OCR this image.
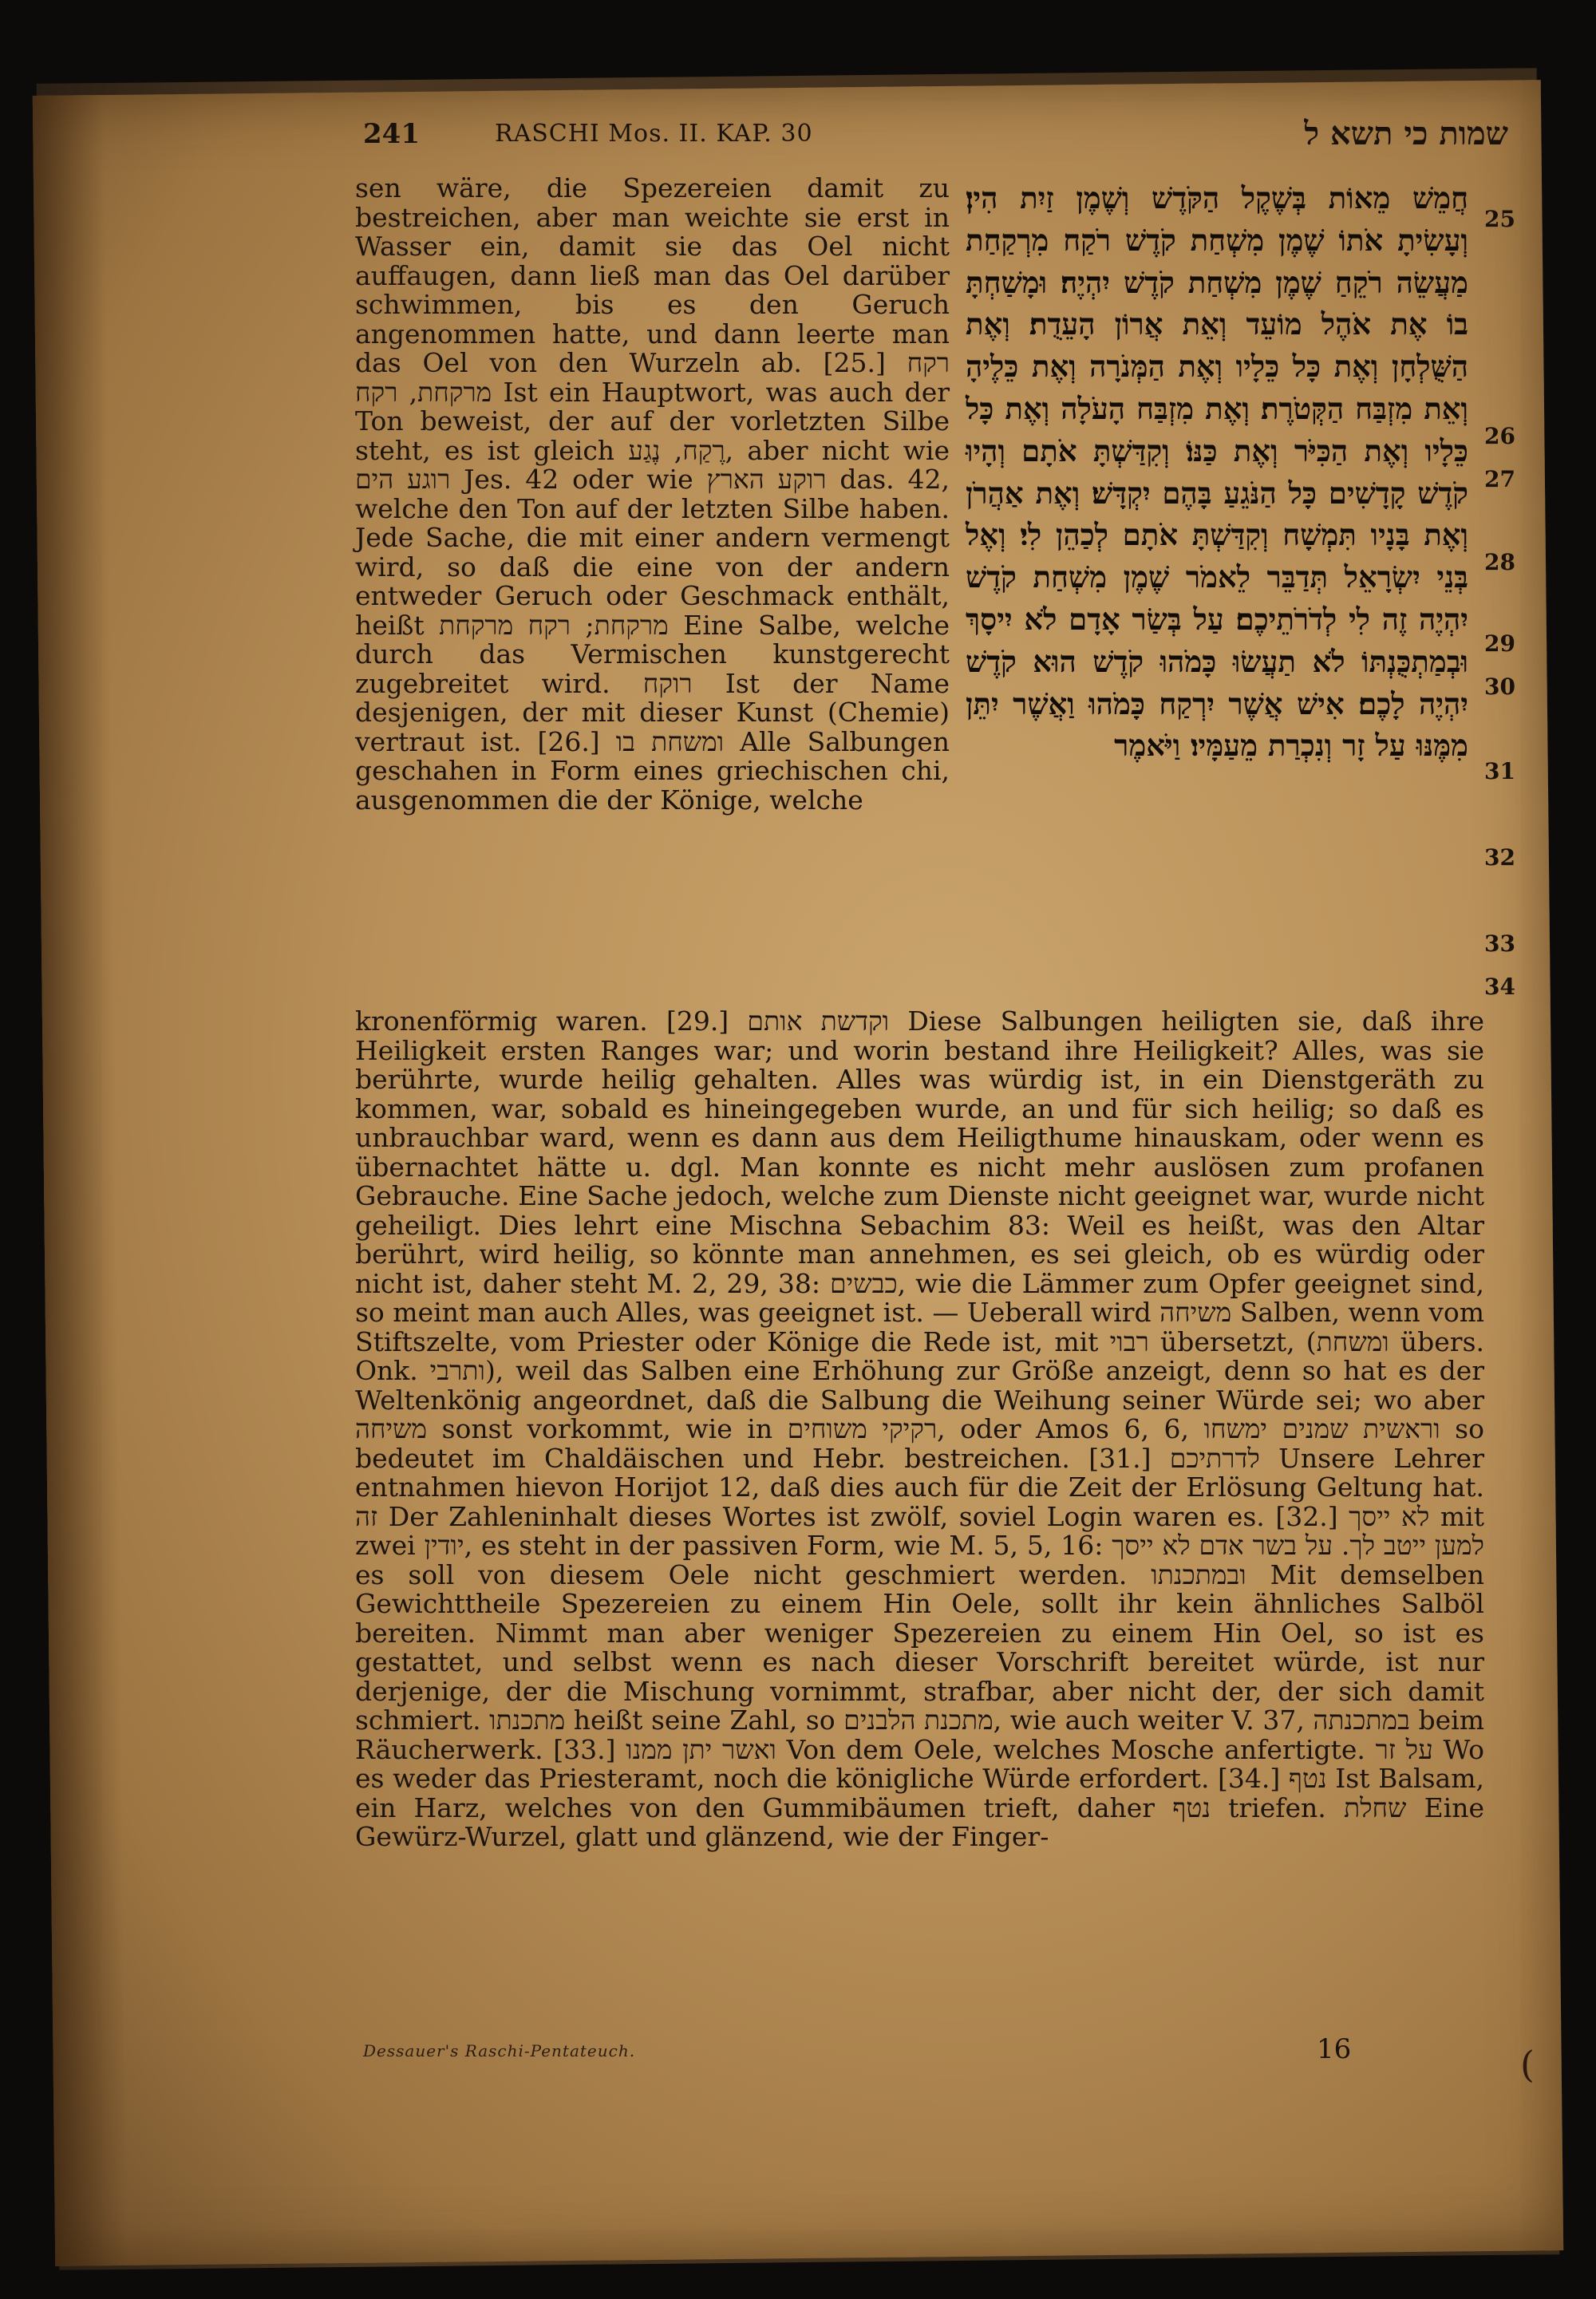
241	RASCHI Mos. II. KAP. 30	שמות כי תשא ל

sen wäre, die Spezereien damit zu bestreichen, aber man weichte sie erst in Wasser ein, damit sie das Oel nicht auffaugen, dann ließ man das Oel darüber schwimmen, bis es den Geruch angenommen hatte, und dann leerte man das Oel von den Wurzeln ab. [25.] רקח מרקחת, רקח Ist ein Hauptwort, was auch der Ton beweist, der auf der vorletzten Silbe steht, es ist gleich רֶקַח, נֶגַע, aber nicht wie רוגע הים Jes. 42 oder wie רוקע הארץ das. 42, welche den Ton auf der letzten Silbe haben. Jede Sache, die mit einer andern vermengt wird, so daß die eine von der andern entweder Geruch oder Geschmack enthält, heißt מרקחת; רקח מרקחת Eine Salbe, welche durch das Vermischen kunstgerecht zugebreitet wird. רוקח Ist der Name desjenigen, der mit dieser Kunst (Chemie) vertraut ist. [26.] ומשחת בו Alle Salbungen geschahen in Form eines griechischen chi, ausgenommen die der Könige, welche

חֲמֵשׁ מֵאוֹת בְּשֶׁקֶל הַקֹּדֶשׁ וְשֶׁמֶן זַיִת הִין׃ וְעָשִׂיתָ אֹתוֹ שֶׁמֶן מִשְׁחַת קֹדֶשׁ רֹקַח מִרְקַחַת מַעֲשֵׂה רֹקֵחַ שֶׁמֶן מִשְׁחַת קֹדֶשׁ יִהְיֶה׃ וּמָשַׁחְתָּ בוֹ אֶת אֹהֶל מוֹעֵד וְאֵת אֲרוֹן הָעֵדֻת׃ וְאֶת הַשֻּׁלְחָן וְאֶת כָּל כֵּלָיו וְאֶת הַמְּנֹרָה וְאֶת כֵּלֶיהָ וְאֵת מִזְבַּח הַקְּטֹרֶת׃ וְאֶת מִזְבַּח הָעֹלָה וְאֶת כָּל כֵּלָיו וְאֶת הַכִּיֹּר וְאֶת כַּנּוֹ׃ וְקִדַּשְׁתָּ אֹתָם וְהָיוּ קֹדֶשׁ קָדָשִׁים כָּל הַנֹּגֵעַ בָּהֶם יִקְדָּשׁ׃ וְאֶת אַהֲרֹן וְאֶת בָּנָיו תִּמְשָׁח וְקִדַּשְׁתָּ אֹתָם לְכַהֵן לִי׃ וְאֶל בְּנֵי יִשְׂרָאֵל תְּדַבֵּר לֵאמֹר שֶׁמֶן מִשְׁחַת קֹדֶשׁ יִהְיֶה זֶה לִי לְדֹרֹתֵיכֶם׃ עַל בְּשַׂר אָדָם לֹא יִיסָךְ וּבְמַתְכֻּנְתּוֹ לֹא תַעֲשׂוּ כָּמֹהוּ קֹדֶשׁ הוּא קֹדֶשׁ יִהְיֶה לָכֶם׃ אִישׁ אֲשֶׁר יִרְקַח כָּמֹהוּ וַאֲשֶׁר יִתֵּן מִמֶּנּוּ עַל זָר וְנִכְרַת מֵעַמָּיו׃ וַיֹּאמֶר

25
26
27
28
29
30
31
32
33
34

kronenförmig waren. [29.] וקדשת אותם Diese Salbungen heiligten sie, daß ihre Heiligkeit ersten Ranges war; und worin bestand ihre Heiligkeit? Alles, was sie berührte, wurde heilig gehalten. Alles was würdig ist, in ein Dienstgeräth zu kommen, war, sobald es hineingegeben wurde, an und für sich heilig; so daß es unbrauchbar ward, wenn es dann aus dem Heiligthume hinauskam, oder wenn es übernachtet hätte u. dgl. Man konnte es nicht mehr auslösen zum profanen Gebrauche. Eine Sache jedoch, welche zum Dienste nicht geeignet war, wurde nicht geheiligt. Dies lehrt eine Mischna Sebachim 83: Weil es heißt, was den Altar berührt, wird heilig, so könnte man annehmen, es sei gleich, ob es würdig oder nicht ist, daher steht M. 2, 29, 38: כבשים, wie die Lämmer zum Opfer geeignet sind, so meint man auch Alles, was geeignet ist. — Ueberall wird משיחה Salben, wenn vom Stiftszelte, vom Priester oder Könige die Rede ist, mit רבוי übersetzt, (ומשחת übers. Onk. ותרבי), weil das Salben eine Erhöhung zur Größe anzeigt, denn so hat es der Weltenkönig angeordnet, daß die Salbung die Weihung seiner Würde sei; wo aber משיחה sonst vorkommt, wie in רקיקי משוחים, oder Amos 6, 6, וראשית שמנים ימשחו so bedeutet im Chaldäischen und Hebr. bestreichen. [31.] לדרתיכם Unsere Lehrer entnahmen hievon Horijot 12, daß dies auch für die Zeit der Erlösung Geltung hat. זה Der Zahleninhalt dieses Wortes ist zwölf, soviel Login waren es. [32.] לא ייסך mit zwei יודין, es steht in der passiven Form, wie M. 5, 5, 16: למען ייטב לך. על בשר אדם לא ייסך es soll von diesem Oele nicht geschmiert werden. ובמתכנתו Mit demselben Gewichttheile Spezereien zu einem Hin Oele, sollt ihr kein ähnliches Salböl bereiten. Nimmt man aber weniger Spezereien zu einem Hin Oel, so ist es gestattet, und selbst wenn es nach dieser Vorschrift bereitet würde, ist nur derjenige, der die Mischung vornimmt, strafbar, aber nicht der, der sich damit schmiert. מתכנתו heißt seine Zahl, so מתכנת הלבנים, wie auch weiter V. 37, במתכנתה beim Räucherwerk. [33.] ואשר יתן ממנו Von dem Oele, welches Mosche anfertigte. על זר Wo es weder das Priesteramt, noch die königliche Würde erfordert. [34.] נטף Ist Balsam, ein Harz, welches von den Gummibäumen trieft, daher נטף triefen. שחלת Eine Gewürz-Wurzel, glatt und glänzend, wie der Finger-

Dessauer's Raschi-Pentateuch.	16	(
